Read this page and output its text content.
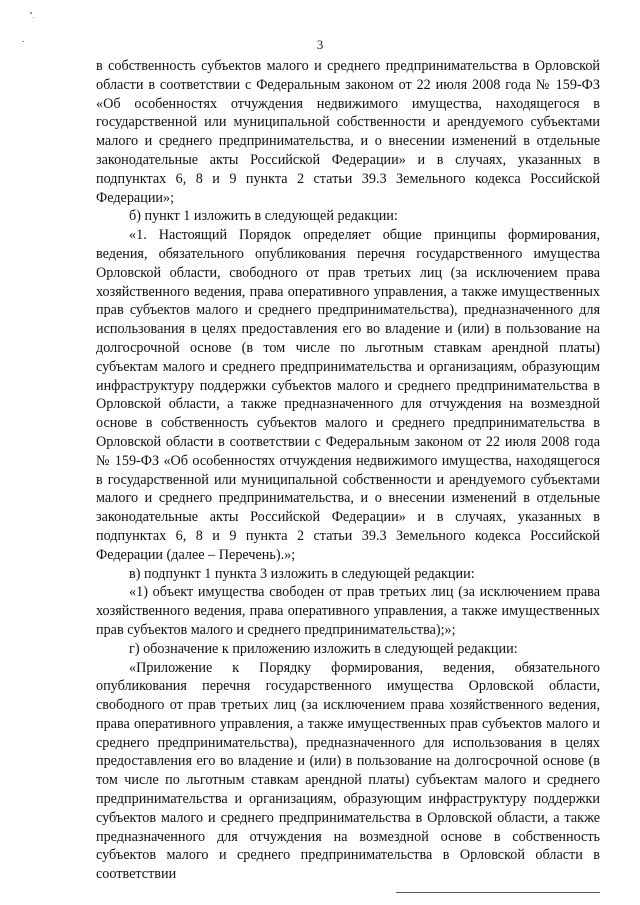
3

в собственность субъектов малого и среднего предпринимательства в Орловской области в соответствии с Федеральным законом от 22 июля 2008 года № 159-ФЗ «Об особенностях отчуждения недвижимого имущества, находящегося в государственной или муниципальной собственности и арендуемого субъектами малого и среднего предпринимательства, и о внесении изменений в отдельные законодательные акты Российской Федерации» и в случаях, указанных в подпунктах 6, 8 и 9 пункта 2 статьи 39.3 Земельного кодекса Российской Федерации»;

б) пункт 1 изложить в следующей редакции:

«1. Настоящий Порядок определяет общие принципы формирования, ведения, обязательного опубликования перечня государственного имущества Орловской области, свободного от прав третьих лиц (за исключением права хозяйственного ведения, права оперативного управления, а также имущественных прав субъектов малого и среднего предпринимательства), предназначенного для использования в целях предоставления его во владение и (или) в пользование на долгосрочной основе (в том числе по льготным ставкам арендной платы) субъектам малого и среднего предпринимательства и организациям, образующим инфраструктуру поддержки субъектов малого и среднего предпринимательства в Орловской области, а также предназначенного для отчуждения на возмездной основе в собственность субъектов малого и среднего предпринимательства в Орловской области в соответствии с Федеральным законом от 22 июля 2008 года № 159-ФЗ «Об особенностях отчуждения недвижимого имущества, находящегося в государственной или муниципальной собственности и арендуемого субъектами малого и среднего предпринимательства, и о внесении изменений в отдельные законодательные акты Российской Федерации» и в случаях, указанных в подпунктах 6, 8 и 9 пункта 2 статьи 39.3 Земельного кодекса Российской Федерации (далее – Перечень).»;

в) подпункт 1 пункта 3 изложить в следующей редакции:

«1) объект имущества свободен от прав третьих лиц (за исключением права хозяйственного ведения, права оперативного управления, а также имущественных прав субъектов малого и среднего предпринимательства);»;

г) обозначение к приложению изложить в следующей редакции:

«Приложение к Порядку формирования, ведения, обязательного опубликования перечня государственного имущества Орловской области, свободного от прав третьих лиц (за исключением права хозяйственного ведения, права оперативного управления, а также имущественных прав субъектов малого и среднего предпринимательства), предназначенного для использования в целях предоставления его во владение и (или) в пользование на долгосрочной основе (в том числе по льготным ставкам арендной платы) субъектам малого и среднего предпринимательства и организациям, образующим инфраструктуру поддержки субъектов малого и среднего предпринимательства в Орловской области, а также предназначенного для отчуждения на возмездной основе в собственность субъектов малого и среднего предпринимательства в Орловской области в соответствии
